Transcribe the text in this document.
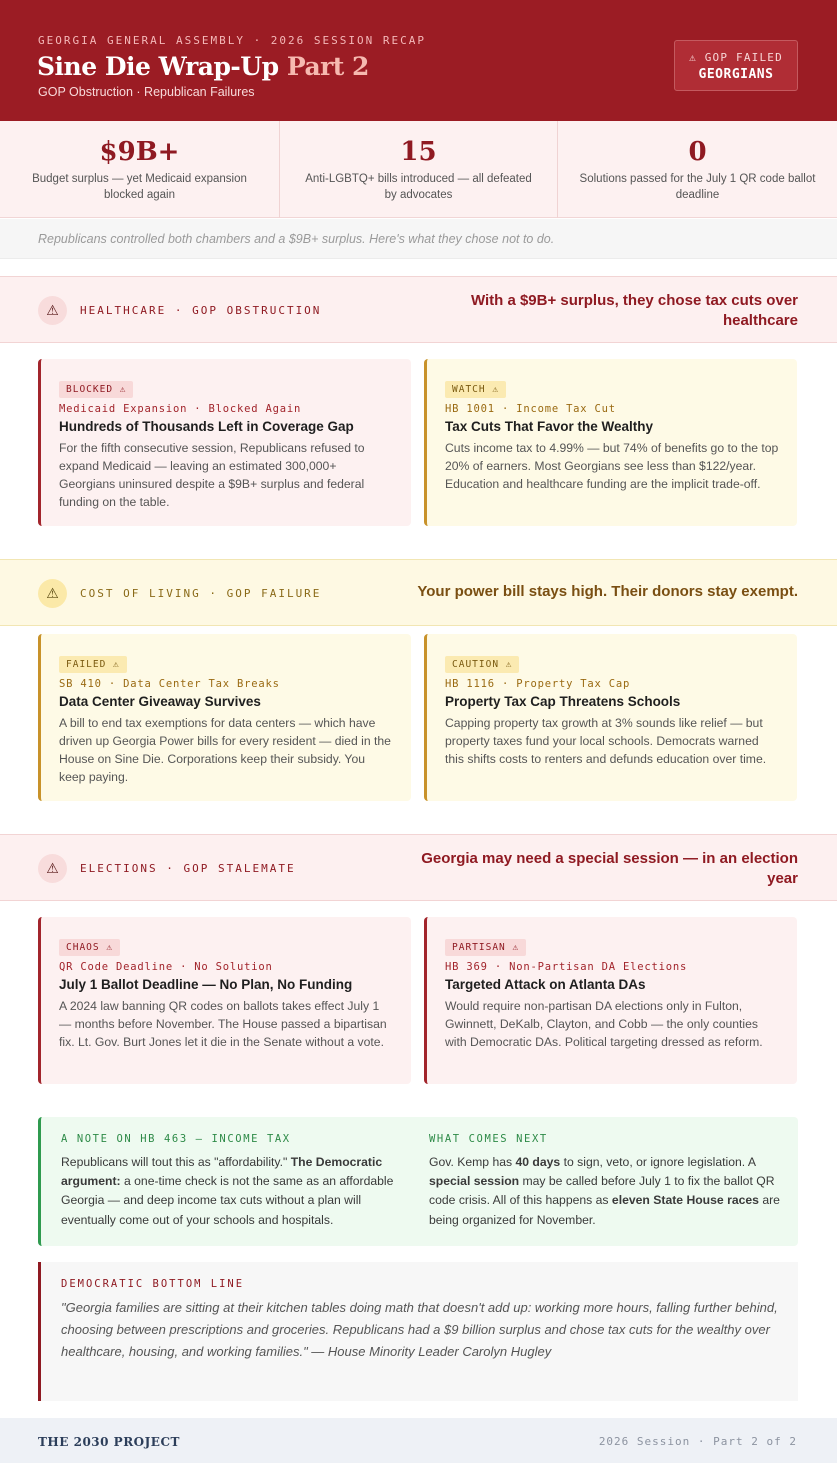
GEORGIA GENERAL ASSEMBLY · 2026 SESSION RECAP
Sine Die Wrap-Up Part 2
GOP Obstruction · Republican Failures
⚠ GOP FAILED
GEORGIANS
$9B+
Budget surplus — yet Medicaid expansion blocked again
15
Anti-LGBTQ+ bills introduced — all defeated by advocates
0
Solutions passed for the July 1 QR code ballot deadline
Republicans controlled both chambers and a $9B+ surplus. Here's what they chose not to do.
⚠	HEALTHCARE · GOP OBSTRUCTION
With a $9B+ surplus, they chose tax cuts over healthcare
BLOCKED ⚠
Medicaid Expansion · Blocked Again
Hundreds of Thousands Left in Coverage Gap
For the fifth consecutive session, Republicans refused to expand Medicaid — leaving an estimated 300,000+ Georgians uninsured despite a $9B+ surplus and federal funding on the table.
WATCH ⚠
HB 1001 · Income Tax Cut
Tax Cuts That Favor the Wealthy
Cuts income tax to 4.99% — but 74% of benefits go to the top 20% of earners. Most Georgians see less than $122/year. Education and healthcare funding are the implicit trade-off.
⚠	COST OF LIVING · GOP FAILURE	Your power bill stays high. Their donors stay exempt.
FAILED ⚠
SB 410 · Data Center Tax Breaks
Data Center Giveaway Survives
A bill to end tax exemptions for data centers — which have driven up Georgia Power bills for every resident — died in the House on Sine Die. Corporations keep their subsidy. You keep paying.
CAUTION ⚠
HB 1116 · Property Tax Cap
Property Tax Cap Threatens Schools
Capping property tax growth at 3% sounds like relief — but property taxes fund your local schools. Democrats warned this shifts costs to renters and defunds education over time.
⚠	ELECTIONS · GOP STALEMATE
Georgia may need a special session — in an election year
CHAOS ⚠
QR Code Deadline · No Solution
July 1 Ballot Deadline — No Plan, No Funding
A 2024 law banning QR codes on ballots takes effect July 1 — months before November. The House passed a bipartisan fix. Lt. Gov. Burt Jones let it die in the Senate without a vote.
PARTISAN ⚠
HB 369 · Non-Partisan DA Elections
Targeted Attack on Atlanta DAs
Would require non-partisan DA elections only in Fulton, Gwinnett, DeKalb, Clayton, and Cobb — the only counties with Democratic DAs. Political targeting dressed as reform.
A NOTE ON HB 463 — INCOME TAX
Republicans will tout this as "affordability." The Democratic argument: a one-time check is not the same as an affordable Georgia — and deep income tax cuts without a plan will eventually come out of your schools and hospitals.
WHAT COMES NEXT
Gov. Kemp has 40 days to sign, veto, or ignore legislation. A special session may be called before July 1 to fix the ballot QR code crisis. All of this happens as eleven State House races are being organized for November.
DEMOCRATIC BOTTOM LINE
"Georgia families are sitting at their kitchen tables doing math that doesn't add up: working more hours, falling further behind, choosing between prescriptions and groceries. Republicans had a $9 billion surplus and chose tax cuts for the wealthy over healthcare, housing, and working families." — House Minority Leader Carolyn Hugley
THE 2030 PROJECT	2026 Session · Part 2 of 2
